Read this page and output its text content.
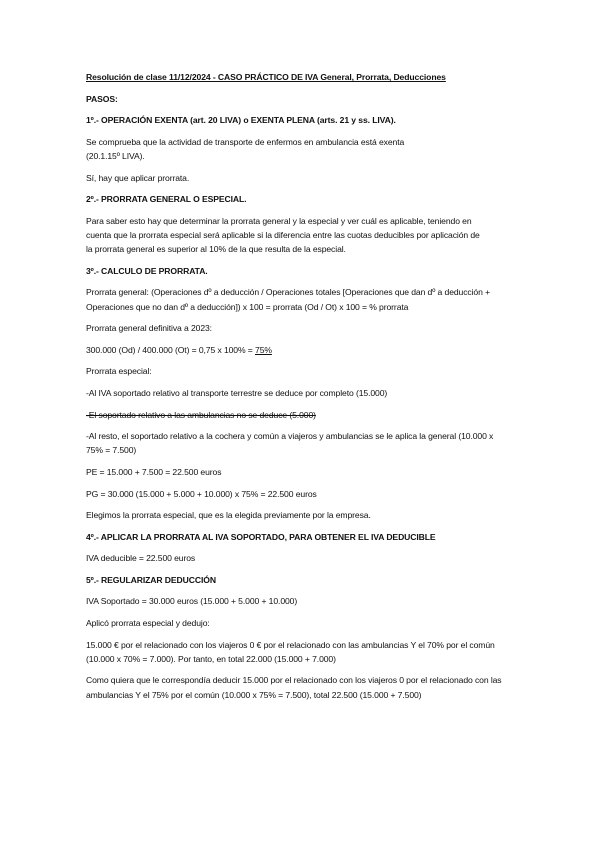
Resolución de clase 11/12/2024 - CASO PRÁCTICO DE IVA General, Prorrata, Deducciones

PASOS:

1º.- OPERACIÓN EXENTA (art. 20 LIVA) o EXENTA PLENA (arts. 21 y ss. LIVA).

Se comprueba que la actividad de transporte de enfermos en ambulancia está exenta (20.1.15º LIVA).

Sí, hay que aplicar prorrata.

2º.- PRORRATA GENERAL O ESPECIAL.

Para saber esto hay que determinar la prorrata general y la especial y ver cuál es aplicable, teniendo en cuenta que la prorrata especial será aplicable si la diferencia entre las cuotas deducibles por aplicación de la prorrata general es superior al 10% de la que resulta de la especial.

3º.- CALCULO DE PRORRATA.

Prorrata general: (Operaciones dº a deducción / Operaciones totales [Operaciones que dan dº a deducción + Operaciones que no dan dº a deducción]) x 100 = prorrata (Od / Ot) x 100 = % prorrata

Prorrata general definitiva a 2023:

300.000 (Od) / 400.000 (Ot) = 0,75 x 100% = 75%

Prorrata especial:

-Al IVA soportado relativo al transporte terrestre se deduce por completo (15.000)

-El soportado relativo a las ambulancias no se deduce (5.000)

-Al resto, el soportado relativo a la cochera y común a viajeros y ambulancias se le aplica la general (10.000 x 75% = 7.500)

PE = 15.000 + 7.500 = 22.500 euros

PG = 30.000 (15.000 + 5.000 + 10.000) x 75% = 22.500 euros

Elegimos la prorrata especial, que es la elegida previamente por la empresa.

4º.- APLICAR LA PRORRATA AL IVA SOPORTADO, PARA OBTENER EL IVA DEDUCIBLE

IVA deducible = 22.500 euros

5º.- REGULARIZAR DEDUCCIÓN

IVA Soportado = 30.000 euros (15.000 + 5.000 + 10.000)

Aplicó prorrata especial y dedujo:

15.000 € por el relacionado con los viajeros 0 € por el relacionado con las ambulancias Y el 70% por el común (10.000 x 70% = 7.000). Por tanto, en total 22.000 (15.000 + 7.000)

Como quiera que le correspondía deducir 15.000 por el relacionado con los viajeros 0 por el relacionado con las ambulancias Y el 75% por el común (10.000 x 75% = 7.500), total 22.500 (15.000 + 7.500)
